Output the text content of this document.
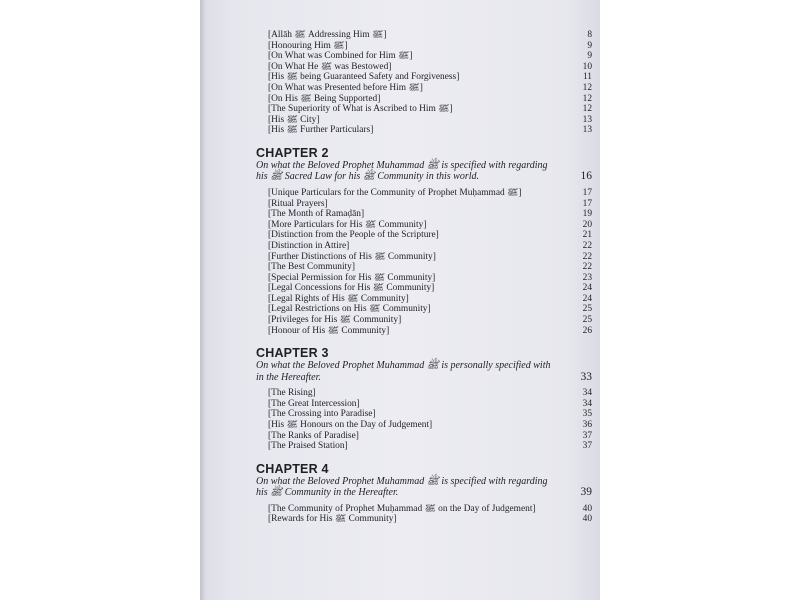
[Allāh ﷺ Addressing Him ﷺ]	8
[Honouring Him ﷺ]	9
[On What was Combined for Him ﷺ]	9
[On What He ﷺ was Bestowed]	10
[His ﷺ being Guaranteed Safety and Forgiveness]	11
[On What was Presented before Him ﷺ]	12
[On His ﷺ Being Supported]	12
[The Superiority of What is Ascribed to Him ﷺ]	12
[His ﷺ City]	13
[His ﷺ Further Particulars]	13
CHAPTER 2
On what the Beloved Prophet Muhammad ﷺ is specified with regarding his ﷺ Sacred Law for his ﷺ Community in this world.	16
[Unique Particulars for the Community of Prophet Muḥammad ﷺ]	17
[Ritual Prayers]	17
[The Month of Ramaḍān]	19
[More Particulars for His ﷺ Community]	20
[Distinction from the People of the Scripture]	21
[Distinction in Attire]	22
[Further Distinctions of His ﷺ Community]	22
[The Best Community]	22
[Special Permission for His ﷺ Community]	23
[Legal Concessions for His ﷺ Community]	24
[Legal Rights of His ﷺ Community]	24
[Legal Restrictions on His ﷺ Community]	25
[Privileges for His ﷺ Community]	25
[Honour of His ﷺ Community]	26
CHAPTER 3
On what the Beloved Prophet Muhammad ﷺ is personally specified with in the Hereafter.	33
[The Rising]	34
[The Great Intercession]	34
[The Crossing into Paradise]	35
[His ﷺ Honours on the Day of Judgement]	36
[The Ranks of Paradise]	37
[The Praised Station]	37
CHAPTER 4
On what the Beloved Prophet Muhammad ﷺ is specified with regarding his ﷺ Community in the Hereafter.	39
[The Community of Prophet Muḥammad ﷺ on the Day of Judgement]	40
[Rewards for His ﷺ Community]	40
